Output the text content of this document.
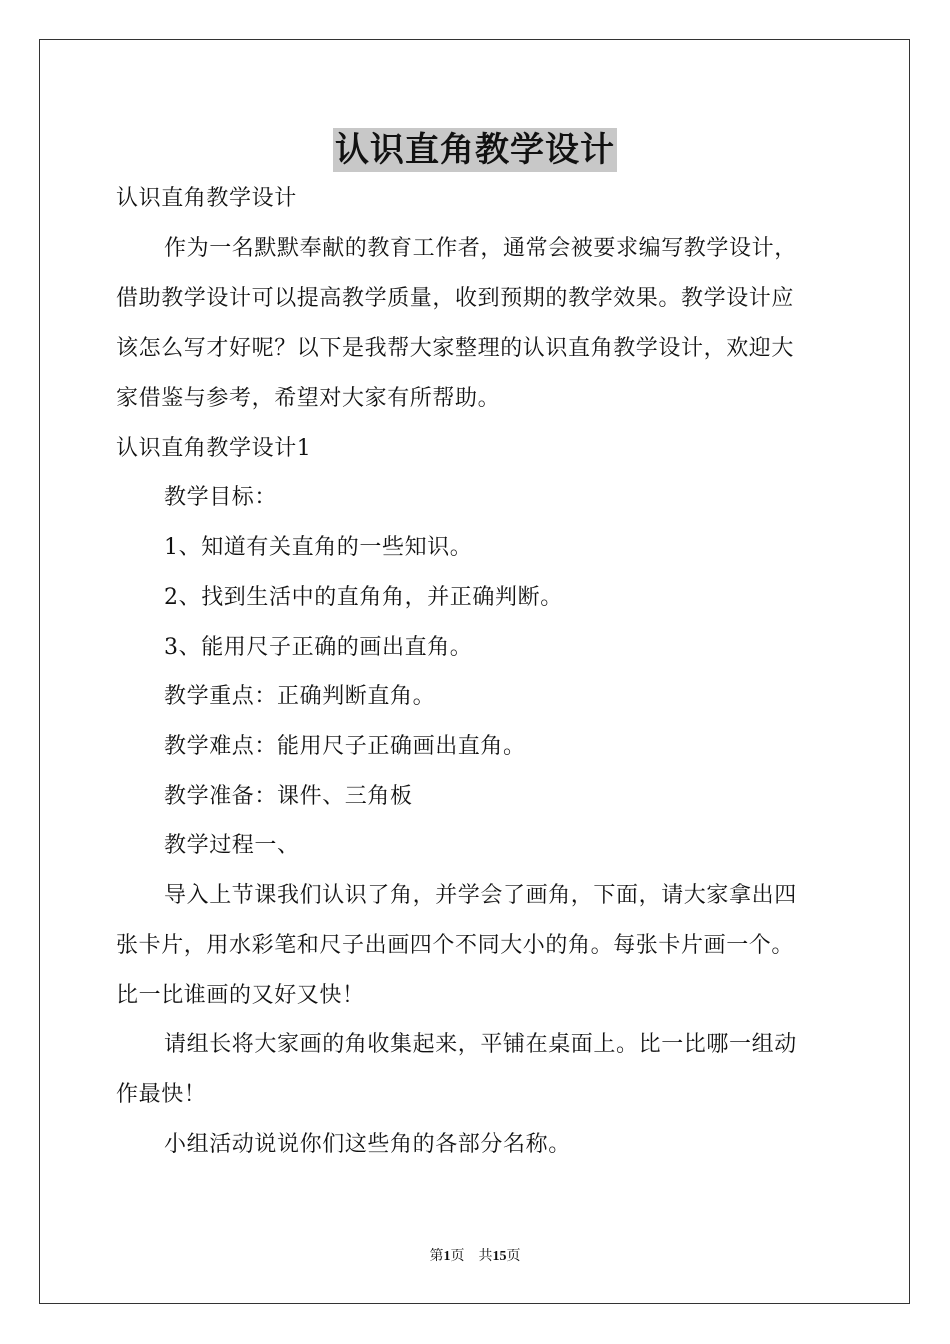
认识直角教学设计
认识直角教学设计
作为一名默默奉献的教育工作者，通常会被要求编写教学设计，
借助教学设计可以提高教学质量，收到预期的教学效果。教学设计应
该怎么写才好呢？以下是我帮大家整理的认识直角教学设计，欢迎大
家借鉴与参考，希望对大家有所帮助。
认识直角教学设计1
教学目标：
1、知道有关直角的一些知识。
2、找到生活中的直角角，并正确判断。
3、能用尺子正确的画出直角。
教学重点：正确判断直角。
教学难点：能用尺子正确画出直角。
教学准备：课件、三角板
教学过程一、
导入上节课我们认识了角，并学会了画角，下面，请大家拿出四
张卡片，用水彩笔和尺子出画四个不同大小的角。每张卡片画一个。
比一比谁画的又好又快！
请组长将大家画的角收集起来，平铺在桌面上。比一比哪一组动
作最快！
小组活动说说你们这些角的各部分名称。
第1页 共15页
